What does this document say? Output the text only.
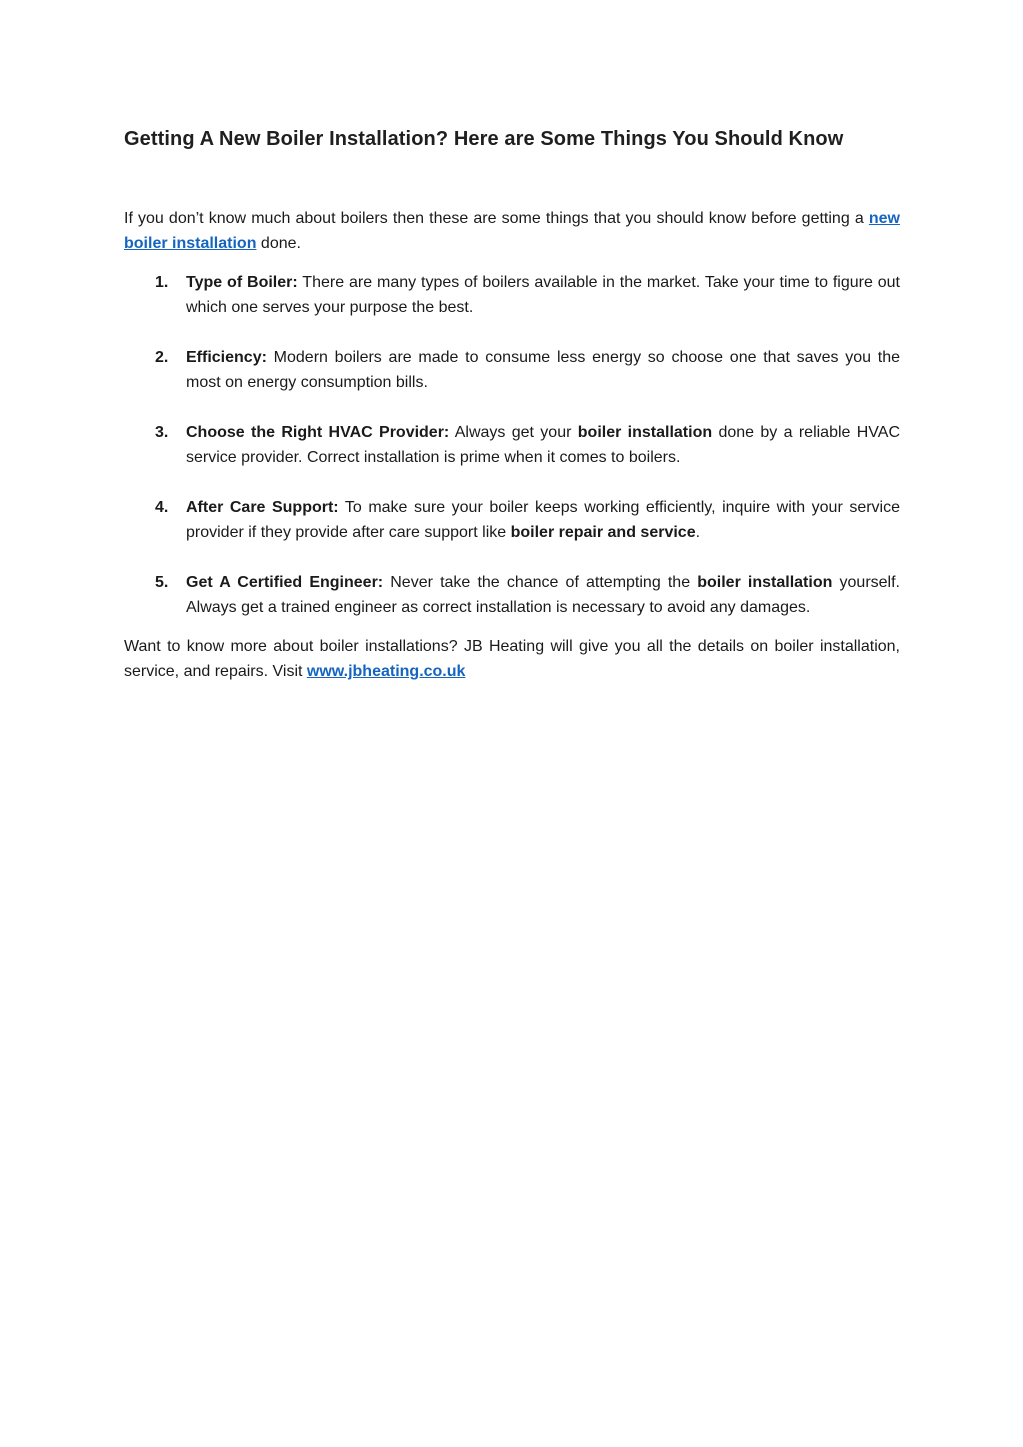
Getting A New Boiler Installation? Here are Some Things You Should Know

If you don’t know much about boilers then these are some things that you should know before getting a new boiler installation done.

1. Type of Boiler: There are many types of boilers available in the market. Take your time to figure out which one serves your purpose the best.
2. Efficiency: Modern boilers are made to consume less energy so choose one that saves you the most on energy consumption bills.
3. Choose the Right HVAC Provider: Always get your boiler installation done by a reliable HVAC service provider. Correct installation is prime when it comes to boilers.
4. After Care Support: To make sure your boiler keeps working efficiently, inquire with your service provider if they provide after care support like boiler repair and service.
5. Get A Certified Engineer: Never take the chance of attempting the boiler installation yourself. Always get a trained engineer as correct installation is necessary to avoid any damages.

Want to know more about boiler installations? JB Heating will give you all the details on boiler installation, service, and repairs. Visit www.jbheating.co.uk
